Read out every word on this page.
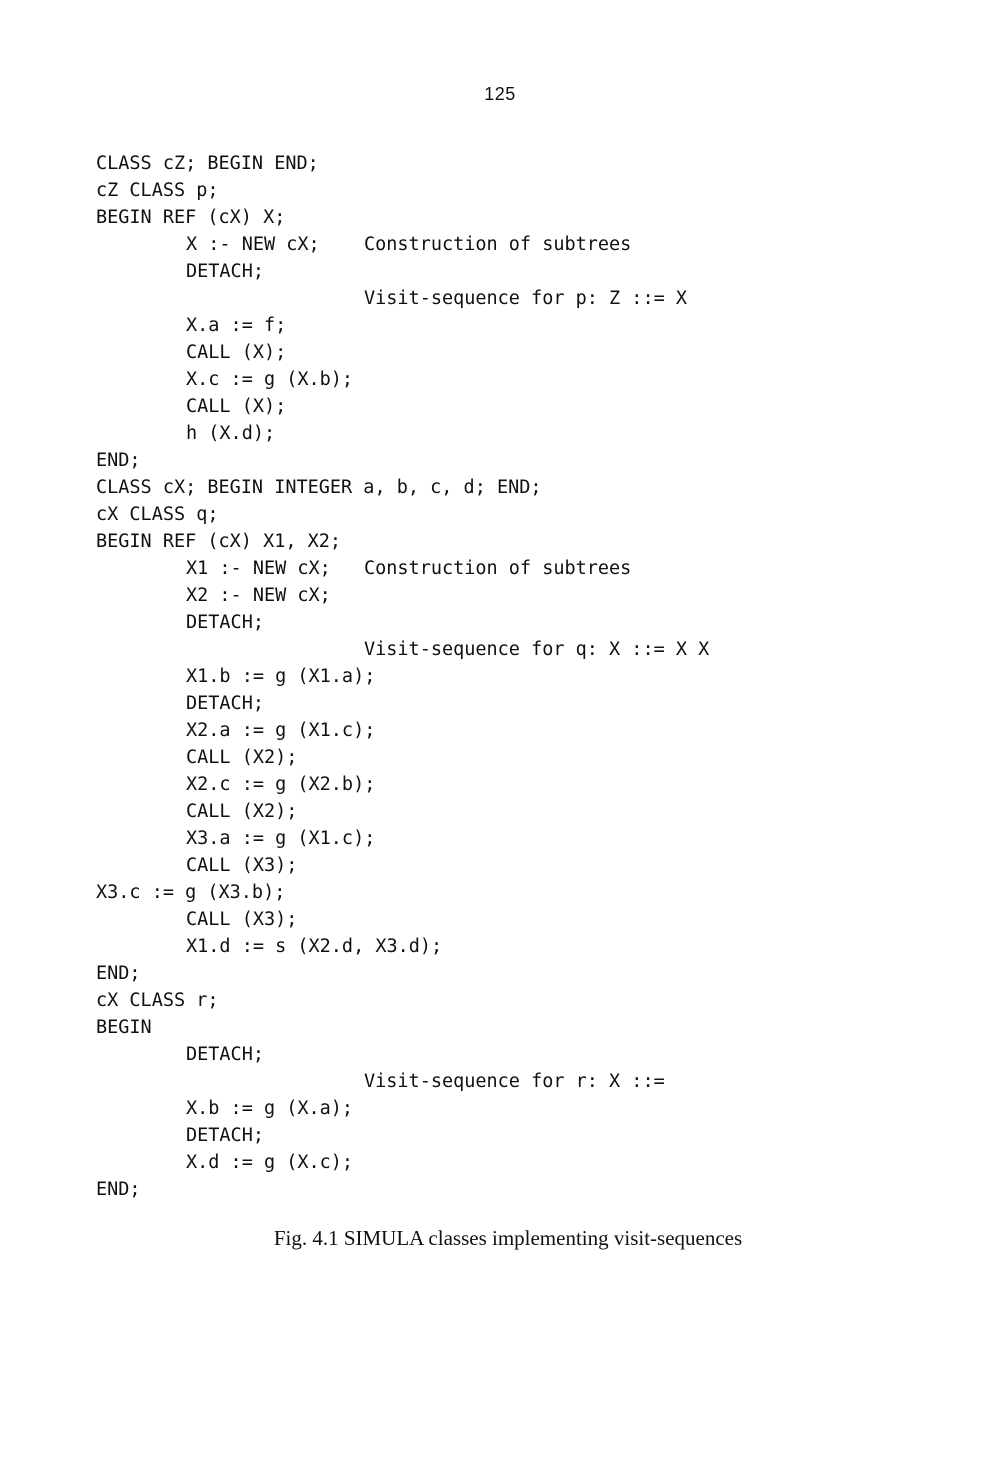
125
CLASS cZ; BEGIN END;
cZ CLASS p;
BEGIN REF (cX) X;
X :- NEW cX; Construction of subtrees
DETACH;
Visit-sequence for p: Z ::= X
X.a := f;
CALL (X);
X.c := g (X.b);
CALL (X);
h (X.d);
END;
CLASS cX; BEGIN INTEGER a, b, c, d; END;
cX CLASS q;
BEGIN REF (cX) X1, X2;
X1 :- NEW cX; Construction of subtrees
X2 :- NEW cX;
DETACH;
Visit-sequence for q: X ::= X X
X1.b := g (X1.a);
DETACH;
X2.a := g (X1.c);
CALL (X2);
X2.c := g (X2.b);
CALL (X2);
X3.a := g (X1.c);
CALL (X3);
X3.c := g (X3.b);
CALL (X3);
X1.d := s (X2.d, X3.d);
END;
cX CLASS r;
BEGIN
DETACH;
Visit-sequence for r: X ::=
X.b := g (X.a);
DETACH;
X.d := g (X.c);
END;
Fig. 4.1 SIMULA classes implementing visit-sequences
